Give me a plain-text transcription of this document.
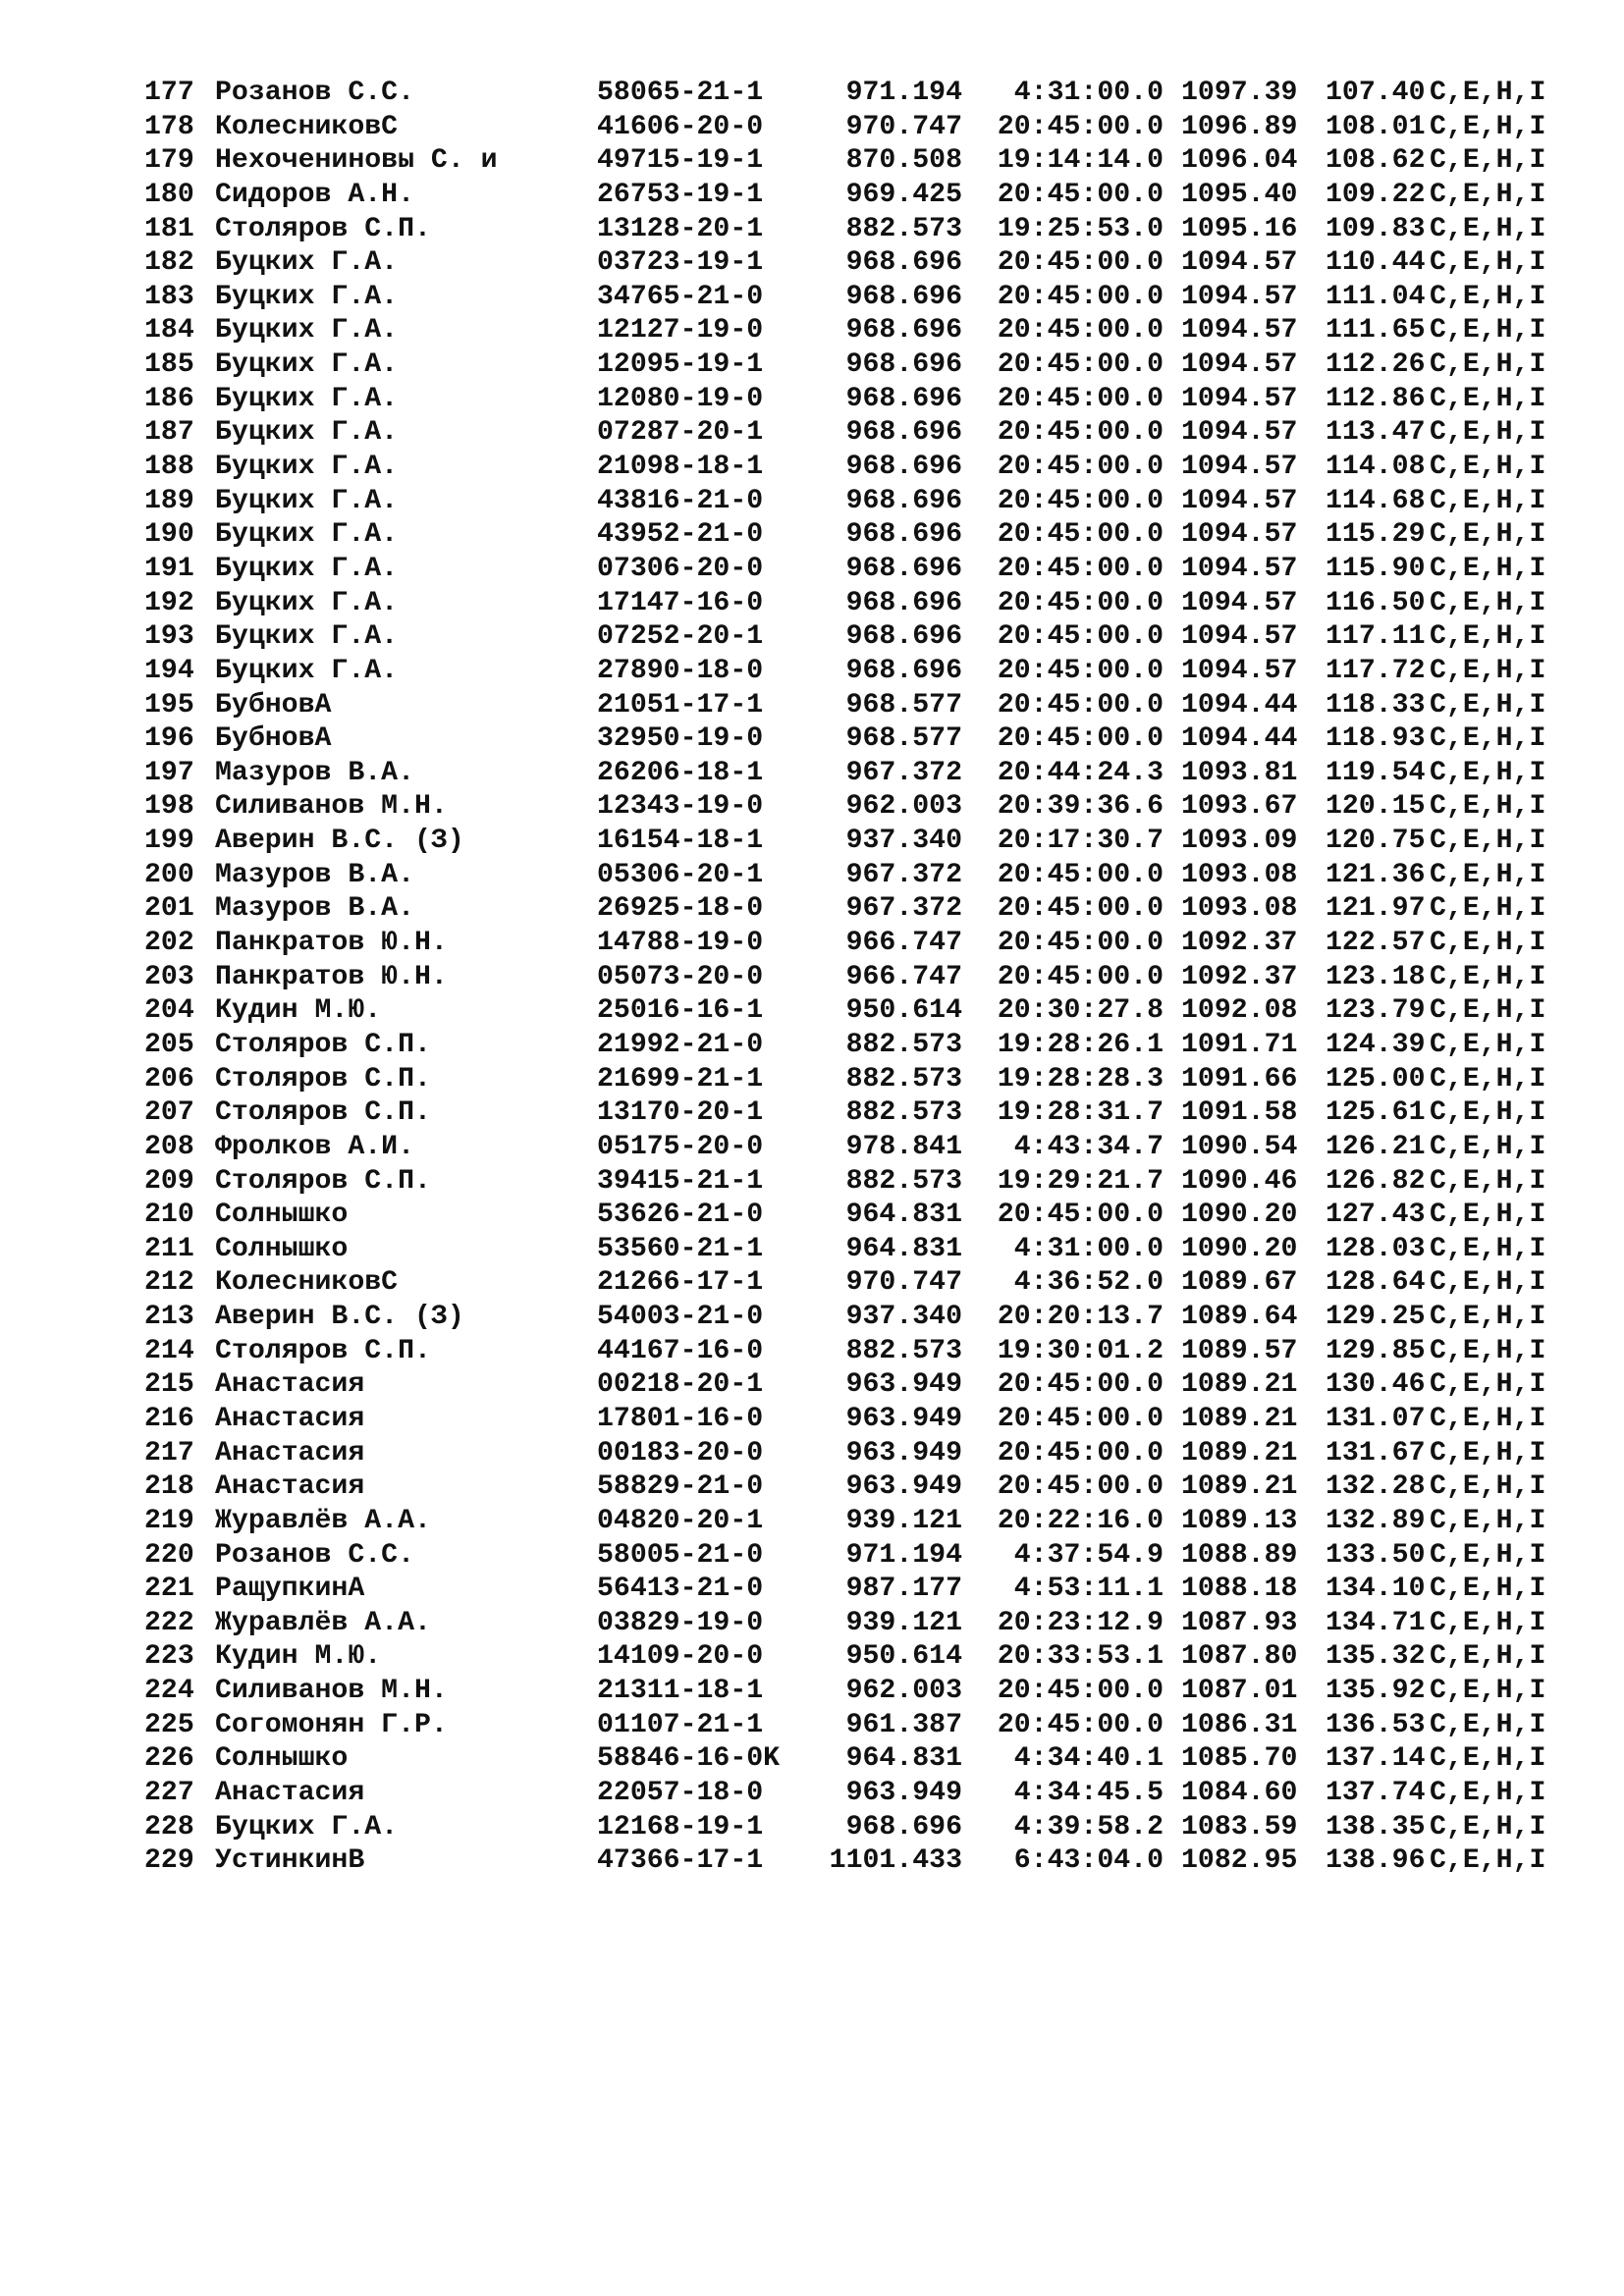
177 Розанов С.С.	58065-21-1	971.194	4:31:00.0 1097.39 107.40 C,E,H,I
178 КолесниковС	41606-20-0	970.747	20:45:00.0 1096.89 108.01 C,E,H,I
179 Нехочениновы С. и	49715-19-1	870.508	19:14:14.0 1096.04 108.62 C,E,H,I
180 Сидоров А.Н.	26753-19-1	969.425	20:45:00.0 1095.40 109.22 C,E,H,I
181 Столяров С.П.	13128-20-1	882.573	19:25:53.0 1095.16 109.83 C,E,H,I
182 Буцких Г.А.	03723-19-1	968.696	20:45:00.0 1094.57 110.44 C,E,H,I
183 Буцких Г.А.	34765-21-0	968.696	20:45:00.0 1094.57 111.04 C,E,H,I
184 Буцких Г.А.	12127-19-0	968.696	20:45:00.0 1094.57 111.65 C,E,H,I
185 Буцких Г.А.	12095-19-1	968.696	20:45:00.0 1094.57 112.26 C,E,H,I
186 Буцких Г.А.	12080-19-0	968.696	20:45:00.0 1094.57 112.86 C,E,H,I
187 Буцких Г.А.	07287-20-1	968.696	20:45:00.0 1094.57 113.47 C,E,H,I
188 Буцких Г.А.	21098-18-1	968.696	20:45:00.0 1094.57 114.08 C,E,H,I
189 Буцких Г.А.	43816-21-0	968.696	20:45:00.0 1094.57 114.68 C,E,H,I
190 Буцких Г.А.	43952-21-0	968.696	20:45:00.0 1094.57 115.29 C,E,H,I
191 Буцких Г.А.	07306-20-0	968.696	20:45:00.0 1094.57 115.90 C,E,H,I
192 Буцких Г.А.	17147-16-0	968.696	20:45:00.0 1094.57 116.50 C,E,H,I
193 Буцких Г.А.	07252-20-1	968.696	20:45:00.0 1094.57 117.11 C,E,H,I
194 Буцких Г.А.	27890-18-0	968.696	20:45:00.0 1094.57 117.72 C,E,H,I
195 БубновА	21051-17-1	968.577	20:45:00.0 1094.44 118.33 C,E,H,I
196 БубновА	32950-19-0	968.577	20:45:00.0 1094.44 118.93 C,E,H,I
197 Мазуров В.А.	26206-18-1	967.372	20:44:24.3 1093.81 119.54 C,E,H,I
198 Силиванов М.Н.	12343-19-0	962.003	20:39:36.6 1093.67 120.15 C,E,H,I
199 Аверин В.С. (З)	16154-18-1	937.340	20:17:30.7 1093.09 120.75 C,E,H,I
200 Мазуров В.А.	05306-20-1	967.372	20:45:00.0 1093.08 121.36 C,E,H,I
201 Мазуров В.А.	26925-18-0	967.372	20:45:00.0 1093.08 121.97 C,E,H,I
202 Панкратов Ю.Н.	14788-19-0	966.747	20:45:00.0 1092.37 122.57 C,E,H,I
203 Панкратов Ю.Н.	05073-20-0	966.747	20:45:00.0 1092.37 123.18 C,E,H,I
204 Кудин М.Ю.	25016-16-1	950.614	20:30:27.8 1092.08 123.79 C,E,H,I
205 Столяров С.П.	21992-21-0	882.573	19:28:26.1 1091.71 124.39 C,E,H,I
206 Столяров С.П.	21699-21-1	882.573	19:28:28.3 1091.66 125.00 C,E,H,I
207 Столяров С.П.	13170-20-1	882.573	19:28:31.7 1091.58 125.61 C,E,H,I
208 Фролков А.И.	05175-20-0	978.841	4:43:34.7 1090.54 126.21 C,E,H,I
209 Столяров С.П.	39415-21-1	882.573	19:29:21.7 1090.46 126.82 C,E,H,I
210 Солнышко	53626-21-0	964.831	20:45:00.0 1090.20 127.43 C,E,H,I
211 Солнышко	53560-21-1	964.831	4:31:00.0 1090.20 128.03 C,E,H,I
212 КолесниковС	21266-17-1	970.747	4:36:52.0 1089.67 128.64 C,E,H,I
213 Аверин В.С. (З)	54003-21-0	937.340	20:20:13.7 1089.64 129.25 C,E,H,I
214 Столяров С.П.	44167-16-0	882.573	19:30:01.2 1089.57 129.85 C,E,H,I
215 Анастасия	00218-20-1	963.949	20:45:00.0 1089.21 130.46 C,E,H,I
216 Анастасия	17801-16-0	963.949	20:45:00.0 1089.21 131.07 C,E,H,I
217 Анастасия	00183-20-0	963.949	20:45:00.0 1089.21 131.67 C,E,H,I
218 Анастасия	58829-21-0	963.949	20:45:00.0 1089.21 132.28 C,E,H,I
219 Журавлёв А.А.	04820-20-1	939.121	20:22:16.0 1089.13 132.89 C,E,H,I
220 Розанов С.С.	58005-21-0	971.194	4:37:54.9 1088.89 133.50 C,E,H,I
221 РащупкинА	56413-21-0	987.177	4:53:11.1 1088.18 134.10 C,E,H,I
222 Журавлёв А.А.	03829-19-0	939.121	20:23:12.9 1087.93 134.71 C,E,H,I
223 Кудин М.Ю.	14109-20-0	950.614	20:33:53.1 1087.80 135.32 C,E,H,I
224 Силиванов М.Н.	21311-18-1	962.003	20:45:00.0 1087.01 135.92 C,E,H,I
225 Согомонян Г.Р.	01107-21-1	961.387	20:45:00.0 1086.31 136.53 C,E,H,I
226 Солнышко	58846-16-0K	964.831	4:34:40.1 1085.70 137.14 C,E,H,I
227 Анастасия	22057-18-0	963.949	4:34:45.5 1084.60 137.74 C,E,H,I
228 Буцких Г.А.	12168-19-1	968.696	4:39:58.2 1083.59 138.35 C,E,H,I
229 УстинкинВ	47366-17-1	1101.433	6:43:04.0 1082.95 138.96 C,E,H,I
